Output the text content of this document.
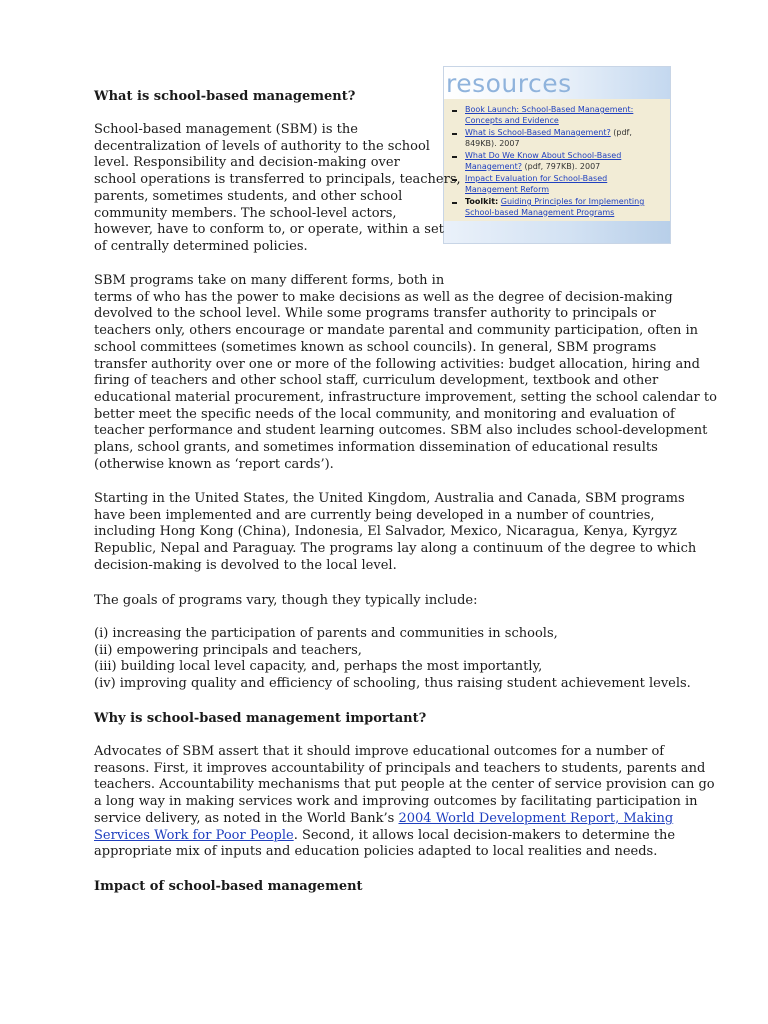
resources
Book Launch: School-Based Management:
Concepts and Evidence
What is School-Based Management? (pdf,
849KB). 2007
What Do We Know About School-Based
Management? (pdf, 797KB). 2007
Impact Evaluation for School-Based
Management Reform
Toolkit: Guiding Principles for Implementing
School-based Management Programs
What is school-based management?
School-based management (SBM) is the
decentralization of levels of authority to the school
level. Responsibility and decision-making over
school operations is transferred to principals, teachers,
parents, sometimes students, and other school
community members. The school-level actors,
however, have to conform to, or operate, within a set
of centrally determined policies.
SBM programs take on many different forms, both in
terms of who has the power to make decisions as well as the degree of decision-making
devolved to the school level. While some programs transfer authority to principals or
teachers only, others encourage or mandate parental and community participation, often in
school committees (sometimes known as school councils). In general, SBM programs
transfer authority over one or more of the following activities: budget allocation, hiring and
firing of teachers and other school staff, curriculum development, textbook and other
educational material procurement, infrastructure improvement, setting the school calendar to
better meet the specific needs of the local community, and monitoring and evaluation of
teacher performance and student learning outcomes. SBM also includes school-development
plans, school grants, and sometimes information dissemination of educational results
(otherwise known as ‘report cards’).
Starting in the United States, the United Kingdom, Australia and Canada, SBM programs
have been implemented and are currently being developed in a number of countries,
including Hong Kong (China), Indonesia, El Salvador, Mexico, Nicaragua, Kenya, Kyrgyz
Republic, Nepal and Paraguay. The programs lay along a continuum of the degree to which
decision-making is devolved to the local level.
The goals of programs vary, though they typically include:
(i) increasing the participation of parents and communities in schools,
(ii) empowering principals and teachers,
(iii) building local level capacity, and, perhaps the most importantly,
(iv) improving quality and efficiency of schooling, thus raising student achievement levels.
Why is school-based management important?
Advocates of SBM assert that it should improve educational outcomes for a number of
reasons. First, it improves accountability of principals and teachers to students, parents and
teachers. Accountability mechanisms that put people at the center of service provision can go
a long way in making services work and improving outcomes by facilitating participation in
service delivery, as noted in the World Bank’s 2004 World Development Report, Making
Services Work for Poor People. Second, it allows local decision-makers to determine the
appropriate mix of inputs and education policies adapted to local realities and needs.
Impact of school-based management
